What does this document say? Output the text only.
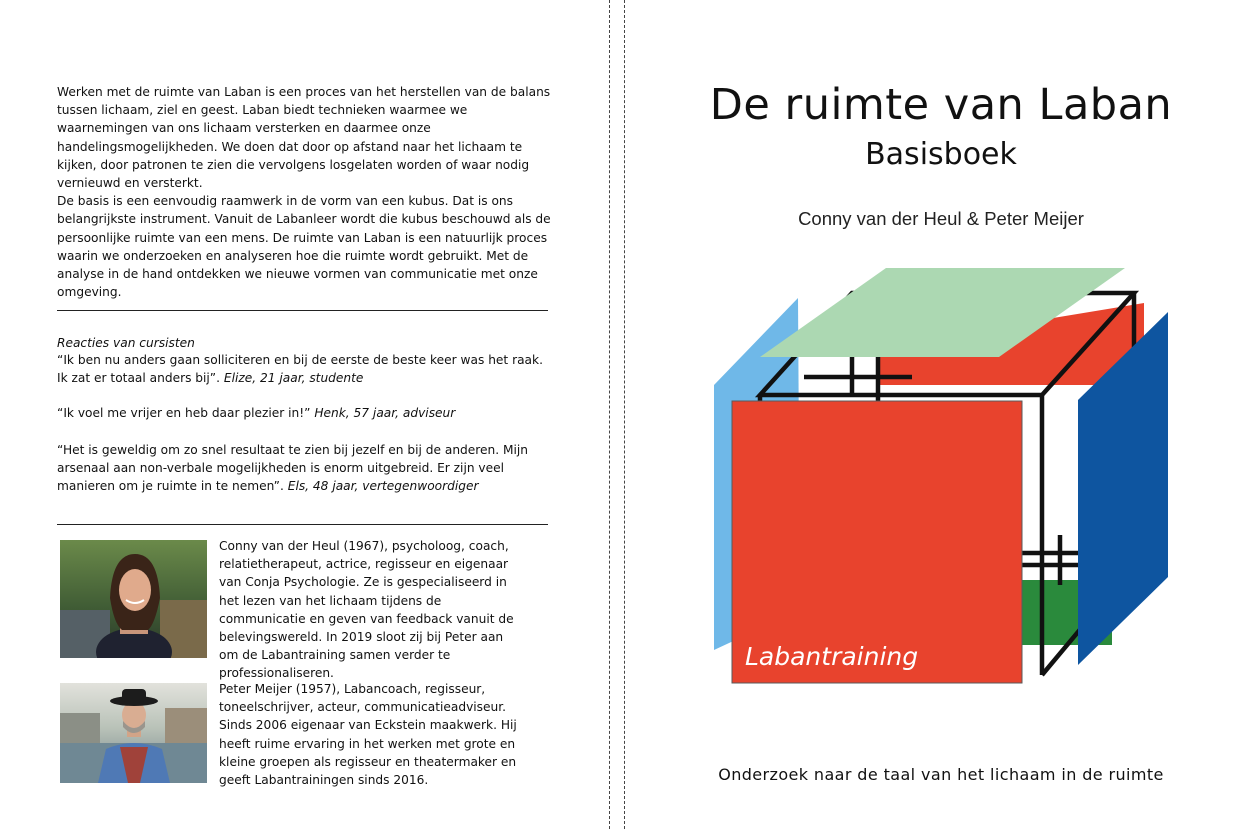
Werken met de ruimte van Laban is een proces van het herstellen van de balans tussen lichaam, ziel en geest. Laban biedt technieken waarmee we waarnemingen van ons lichaam versterken en daarmee onze handelingsmogelijkheden. We doen dat door op afstand naar het lichaam te kijken, door patronen te zien die vervolgens losgelaten worden of waar nodig vernieuwd en versterkt.
De basis is een eenvoudig raamwerk in de vorm van een kubus. Dat is ons belangrijkste instrument. Vanuit de Labanleer wordt die kubus beschouwd als de persoonlijke ruimte van een mens. De ruimte van Laban is een natuurlijk proces waarin we onderzoeken en analyseren hoe die ruimte wordt gebruikt. Met de analyse in de hand ontdekken we nieuwe vormen van communicatie met onze omgeving.

Reacties van cursisten

“Ik ben nu anders gaan solliciteren en bij de eerste de beste keer was het raak. Ik zat er totaal anders bij”. Elize, 21 jaar, studente

“Ik voel me vrijer en heb daar plezier in!” Henk, 57 jaar, adviseur

“Het is geweldig om zo snel resultaat te zien bij jezelf en bij de anderen. Mijn arsenaal aan non-verbale mogelijkheden is enorm uitgebreid. Er zijn veel manieren om je ruimte in te nemen”. Els, 48 jaar, vertegenwoordiger

Conny van der Heul (1967), psycholoog, coach, relatietherapeut, actrice, regisseur en eigenaar van Conja Psychologie. Ze is gespecialiseerd in het lezen van het lichaam tijdens de communicatie en geven van feedback vanuit de belevingswereld. In 2019 sloot zij bij Peter aan om de Labantraining samen verder te professionaliseren.

Peter Meijer (1957), Labancoach, regisseur, toneelschrijver, acteur, communicatieadviseur. Sinds 2006 eigenaar van Eckstein maakwerk. Hij heeft ruime ervaring in het werken met grote en kleine groepen als regisseur en theatermaker en geeft Labantrainingen sinds 2016.

De ruimte van Laban
Basisboek
Conny van der Heul & Peter Meijer
Labantraining
Onderzoek naar de taal van het lichaam in de ruimte
